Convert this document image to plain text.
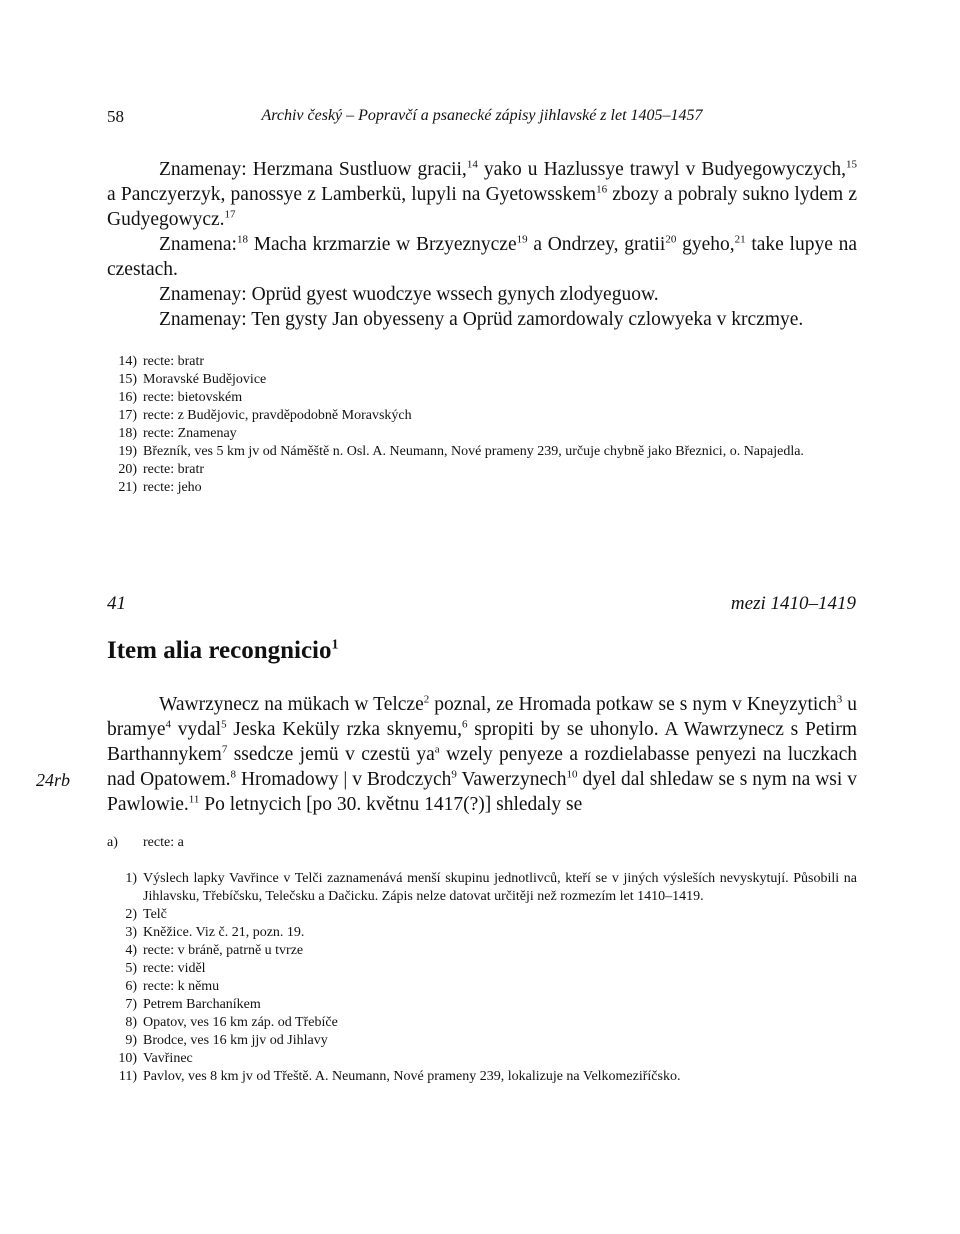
58	Archiv český – Popravčí a psanecké zápisy jihlavské z let 1405–1457
Znamenay: Herzmana Sustluow gracii,$^{14}$ yako u Hazlussye trawyl v Budyegowyczych,$^{15}$ a Panczyerzyk, panossye z Lamberkü, lupyli na Gyetowsskem$^{16}$ zbozy a pobraly sukno lydem z Gudyegowycz.$^{17}$
Znamena:$^{18}$ Macha krzmarzie w Brzyeznycze$^{19}$ a Ondrzey, gratii$^{20}$ gyeho,$^{21}$ take lupye na czestach.
Znamenay: Oprüd gyest wuodczye wssech gynych zlodyeguow.
Znamenay: Ten gysty Jan obyesseny a Oprüd zamordowaly czlowyeka v krczmye.
14) recte: bratr
15) Moravské Budějovice
16) recte: bietovském
17) recte: z Budějovic, pravděpodobně Moravských
18) recte: Znamenay
19) Březník, ves 5 km jv od Náměště n. Osl. A. Neumann, Nové prameny 239, určuje chybně jako Březnici, o. Napajedla.
20) recte: bratr
21) recte: jeho
41	mezi 1410–1419
Item alia recongnicio$^1$
24rb
Wawrzynecz na mükach w Telcze$^2$ poznal, ze Hromada potkaw se s nym v Kneyzytich$^3$ u bramye$^4$ vydal$^5$ Jeska Keküly rzka sknyemu,$^6$ spropiti by se uhonylo. A Wawrzynecz s Petirm Barthannykem$^7$ ssedcze jemü v czestü $ya^a$ wzely penyeze a rozdielabasse penyezi na luczkach nad Opatowem.$^8$ Hromadowy | v Brodczych$^9$ Vawerzynech$^{10}$ dyel dal shledaw se s nym na wsi v Pawlowie.$^{11}$ Po letnycich [po 30. květnu 1417(?)] shledaly se
a)	recte: a
1) Výslech lapky Vavřince v Telči zaznamenává menší skupinu jednotlivců, kteří se v jiných výsleších nevyskytují. Působili na Jihlavsku, Třebíčsku, Telečsku a Dačicku. Zápis nelze datovat určitěji než rozmezím let 1410–1419.
2) Telč
3) Kněžice. Viz č. 21, pozn. 19.
4) recte: v bráně, patrně u tvrze
5) recte: viděl
6) recte: k němu
7) Petrem Barchaníkem
8) Opatov, ves 16 km záp. od Třebíče
9) Brodce, ves 16 km jjv od Jihlavy
10) Vavřinec
11) Pavlov, ves 8 km jv od Třeště. A. Neumann, Nové prameny 239, lokalizuje na Velkomeziříčsko.
